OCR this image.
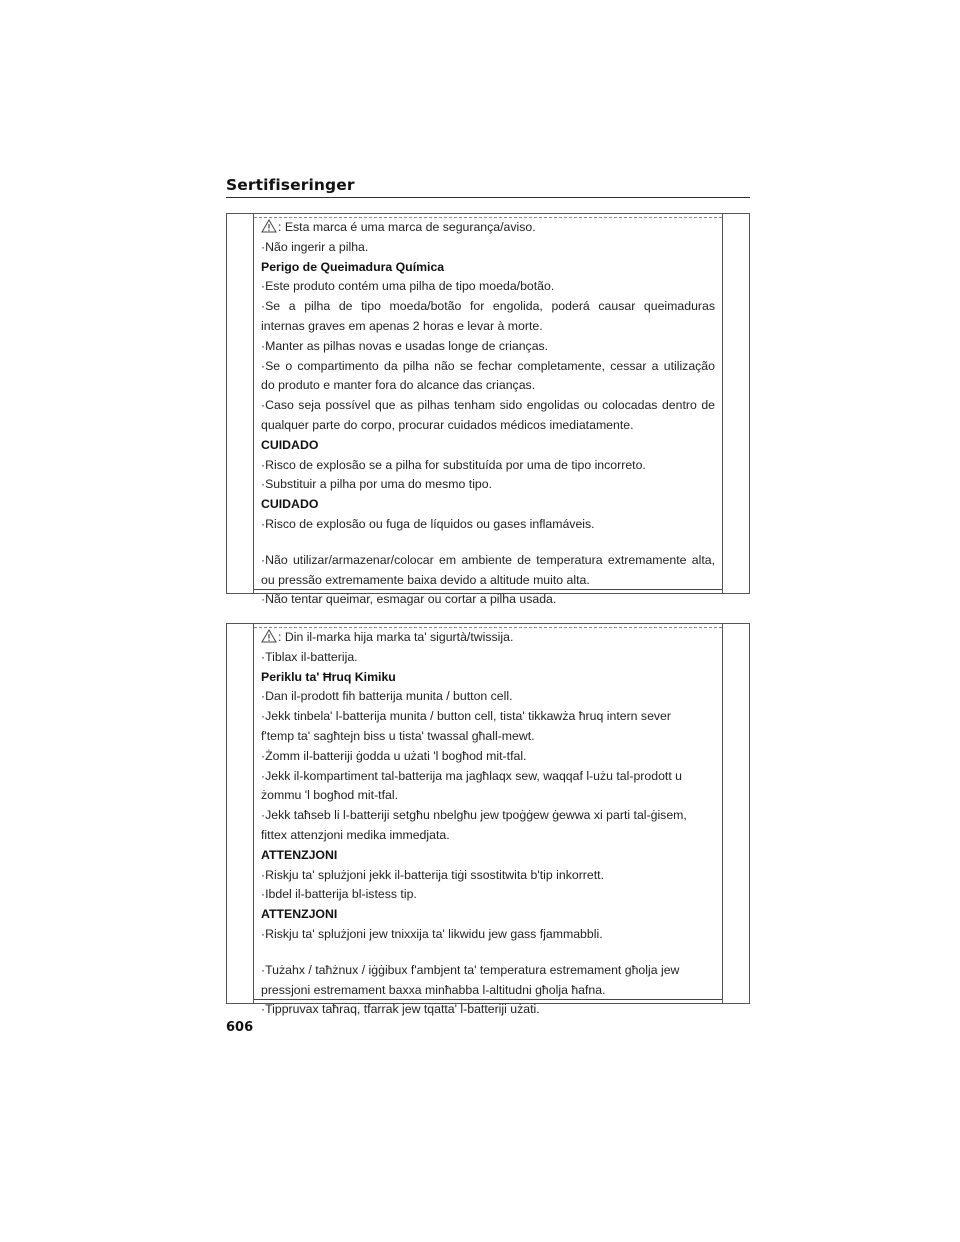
Sertifiseringer
: Esta marca é uma marca de segurança/aviso.
·Não ingerir a pilha.
Perigo de Queimadura Química
·Este produto contém uma pilha de tipo moeda/botão.
·Se a pilha de tipo moeda/botão for engolida, poderá causar queimaduras
internas graves em apenas 2 horas e levar à morte.
·Manter as pilhas novas e usadas longe de crianças.
·Se o compartimento da pilha não se fechar completamente, cessar a utilização
do produto e manter fora do alcance das crianças.
·Caso seja possível que as pilhas tenham sido engolidas ou colocadas dentro de
qualquer parte do corpo, procurar cuidados médicos imediatamente.
CUIDADO
·Risco de explosão se a pilha for substituída por uma de tipo incorreto.
·Substituir a pilha por uma do mesmo tipo.
CUIDADO
·Risco de explosão ou fuga de líquidos ou gases inflamáveis.
·Não utilizar/armazenar/colocar em ambiente de temperatura extremamente alta,
ou pressão extremamente baixa devido a altitude muito alta.
·Não tentar queimar, esmagar ou cortar a pilha usada.
: Din il-marka hija marka ta' sigurtà/twissija.
·Tiblax il-batterija.
Periklu ta' Ħruq Kimiku
·Dan il-prodott fih batterija munita / button cell.
·Jekk tinbela' l-batterija munita / button cell, tista' tikkawża ħruq intern sever
f'temp ta' sagħtejn biss u tista' twassal għall-mewt.
·Żomm il-batteriji ġodda u użati 'l bogħod mit-tfal.
·Jekk il-kompartiment tal-batterija ma jagħlaqx sew, waqqaf l-użu tal-prodott u
żommu 'l bogħod mit-tfal.
·Jekk taħseb li l-batteriji setgħu nbelgħu jew tpoġġew ġewwa xi parti tal-ġisem,
fittex attenzjoni medika immedjata.
ATTENZJONI
·Riskju ta' splużjoni jekk il-batterija tiġi ssostitwita b'tip inkorrett.
·Ibdel il-batterija bl-istess tip.
ATTENZJONI
·Riskju ta' splużjoni jew tnixxija ta' likwidu jew gass fjammabbli.
·Tużahx / taħżnux / iġġibux f'ambjent ta' temperatura estremament għolja jew
pressjoni estremament baxxa minħabba l-altitudni għolja ħafna.
·Tippruvax taħraq, tfarrak jew tqatta' l-batteriji użati.
606
